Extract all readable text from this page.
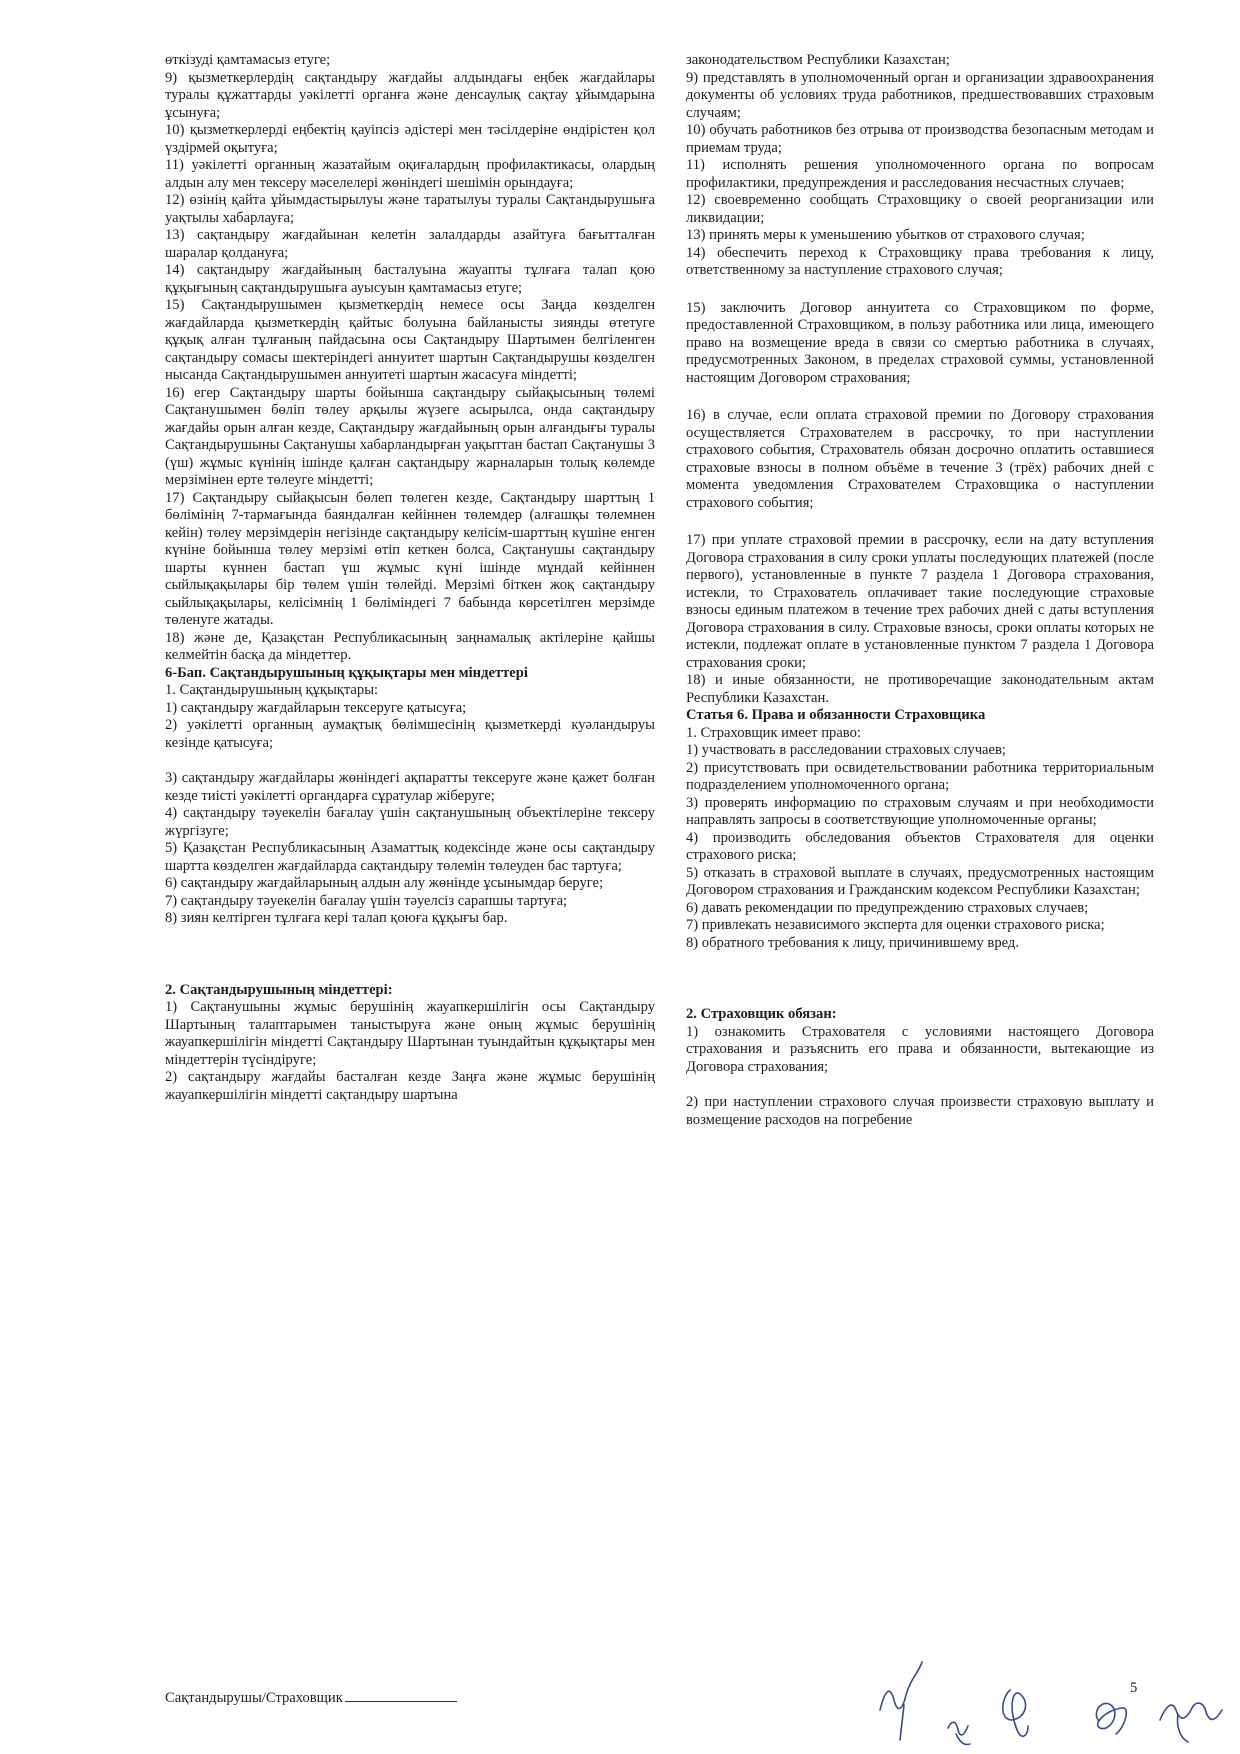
өткізуді қамтамасыз етуге;

9) қызметкерлердің сақтандыру жағдайы алдындағы еңбек жағдайлары туралы құжаттарды уәкілетті органға және денсаулық сақтау ұйымдарына ұсынуға;

10) қызметкерлерді еңбектің қауіпсіз әдістері мен тәсілдеріне өндірістен қол үздірмей оқытуға;

11) уәкілетті органның жазатайым оқиғалардың профилактикасы, олардың алдын алу мен тексеру мәселелері жөніндегі шешімін орындауға;

12) өзінің қайта ұйымдастырылуы және таратылуы туралы Сақтандырушыға уақтылы хабарлауға;

13) сақтандыру жағдайынан келетін залалдарды азайтуға бағытталған шаралар қолдануға;

14) сақтандыру жағдайының басталуына жауапты тұлғаға талап қою құқығының сақтандырушыға ауысуын қамтамасыз етуге;

15) Сақтандырушымен қызметкердің немесе осы Заңда көзделген жағдайларда қызметкердің қайтыс болуына байланысты зиянды өтетуге құқық алған тұлғаның пайдасына осы Сақтандыру Шартымен белгіленген сақтандыру сомасы шектеріндегі аннуитет шартын Сақтандырушы көзделген нысанда Сақтандырушымен аннуитеті шартын жасасуға міндетті;

16) егер Сақтандыру шарты бойынша сақтандыру сыйақысының төлемі Сақтанушымен бөліп төлеу арқылы жүзеге асырылса, онда сақтандыру жағдайы орын алған кезде, Сақтандыру жағдайының орын алғандығы туралы Сақтандырушыны Сақтанушы хабарландырған уақыттан бастап Сақтанушы 3 (үш) жұмыс күнінің ішінде қалған сақтандыру жарналарын толық көлемде мерзімінен ерте төлеуге міндетті;

17) Сақтандыру сыйақысын бөлеп төлеген кезде, Сақтандыру шарттың 1 бөлімінің 7-тармағында баяндалған кейіннен төлемдер (алғашқы төлемнен кейін) төлеу мерзімдерін негізінде сақтандыру келісім-шарттың күшіне енген күніне бойынша төлеу мерзімі өтіп кеткен болса, Сақтанушы сақтандыру шарты күннен бастап үш жұмыс күні ішінде мұндай кейіннен сыйлықақылары бір төлем үшін төлейді. Мерзімі біткен жоқ сақтандыру сыйлықақылары, келісімнің 1 бөліміндегі 7 бабында көрсетілген мерзімде төленуге жатады.

18) және де, Қазақстан Республикасының заңнамалық актілеріне қайшы келмейтін басқа да міндеттер.

6-Бап. Сақтандырушының құқықтары мен міндеттері

1. Сақтандырушының құқықтары:

1) сақтандыру жағдайларын тексеруге қатысуға;

2) уәкілетті органның аумақтық бөлімшесінің қызметкерді куәландыруы кезінде қатысуға;

3) сақтандыру жағдайлары жөніндегі ақпаратты тексеруге және қажет болған кезде тиісті уәкілетті органдарға сұратулар жіберуге;

4) сақтандыру тәуекелін бағалау үшін сақтанушының объектілеріне тексеру жүргізуге;

5) Қазақстан Республикасының Азаматтық кодексінде және осы сақтандыру шартта көзделген жағдайларда сақтандыру төлемін төлеуден бас тартуға;

6) сақтандыру жағдайларының алдын алу жөнінде ұсынымдар беруге;

7) сақтандыру тәуекелін бағалау үшін тәуелсіз сарапшы тартуға;

8) зиян келтірген тұлғаға кері талап қоюға құқығы бар.

2. Сақтандырушының міндеттері:

1) Сақтанушыны жұмыс берушінің жауапкершілігін осы Сақтандыру Шартының талаптарымен таныстыруға және оның жұмыс берушінің жауапкершілігін міндетті Сақтандыру Шартынан туындайтын құқықтары мен міндеттерін түсіндіруге;

2) сақтандыру жағдайы басталған кезде Заңға және жұмыс берушінің жауапкершілігін міндетті сақтандыру шартына

законодательством Республики Казахстан;

9) представлять в уполномоченный орган и организации здравоохранения документы об условиях труда работников, предшествовавших страховым случаям;

10) обучать работников без отрыва от производства безопасным методам и приемам труда;

11) исполнять решения уполномоченного органа по вопросам профилактики, предупреждения и расследования несчастных случаев;

12) своевременно сообщать Страховщику о своей реорганизации или ликвидации;

13) принять меры к уменьшению убытков от страхового случая;

14) обеспечить переход к Страховщику права требования к лицу, ответственному за наступление страхового случая;

15) заключить Договор аннуитета со Страховщиком по форме, предоставленной Страховщиком, в пользу работника или лица, имеющего право на возмещение вреда в связи со смертью работника в случаях, предусмотренных Законом, в пределах страховой суммы, установленной настоящим Договором страхования;

16) в случае, если оплата страховой премии по Договору страхования осуществляется Страхователем в рассрочку, то при наступлении страхового события, Страхователь обязан досрочно оплатить оставшиеся страховые взносы в полном объёме в течение 3 (трёх) рабочих дней с момента уведомления Страхователем Страховщика о наступлении страхового события;

17) при уплате страховой премии в рассрочку, если на дату вступления Договора страхования в силу сроки уплаты последующих платежей (после первого), установленные в пункте 7 раздела 1 Договора страхования, истекли, то Страхователь оплачивает такие последующие страховые взносы единым платежом в течение трех рабочих дней с даты вступления Договора страхования в силу. Страховые взносы, сроки оплаты которых не истекли, подлежат оплате в установленные пунктом 7 раздела 1 Договора страхования сроки;

18) и иные обязанности, не противоречащие законодательным актам Республики Казахстан.

Статья 6. Права и обязанности Страховщика

1. Страховщик имеет право:

1) участвовать в расследовании страховых случаев;

2) присутствовать при освидетельствовании работника территориальным подразделением уполномоченного органа;

3) проверять информацию по страховым случаям и при необходимости направлять запросы в соответствующие уполномоченные органы;

4) производить обследования объектов Страхователя для оценки страхового риска;

5) отказать в страховой выплате в случаях, предусмотренных настоящим Договором страхования и Гражданским кодексом Республики Казахстан;

6) давать рекомендации по предупреждению страховых случаев;

7) привлекать независимого эксперта для оценки страхового риска;

8) обратного требования к лицу, причинившему вред.

2. Страховщик обязан:

1) ознакомить Страхователя с условиями настоящего Договора страхования и разъяснить его права и обязанности, вытекающие из Договора страхования;

2) при наступлении страхового случая произвести страховую выплату и возмещение расходов на погребение

Сақтандырушы/Страховщик
5
